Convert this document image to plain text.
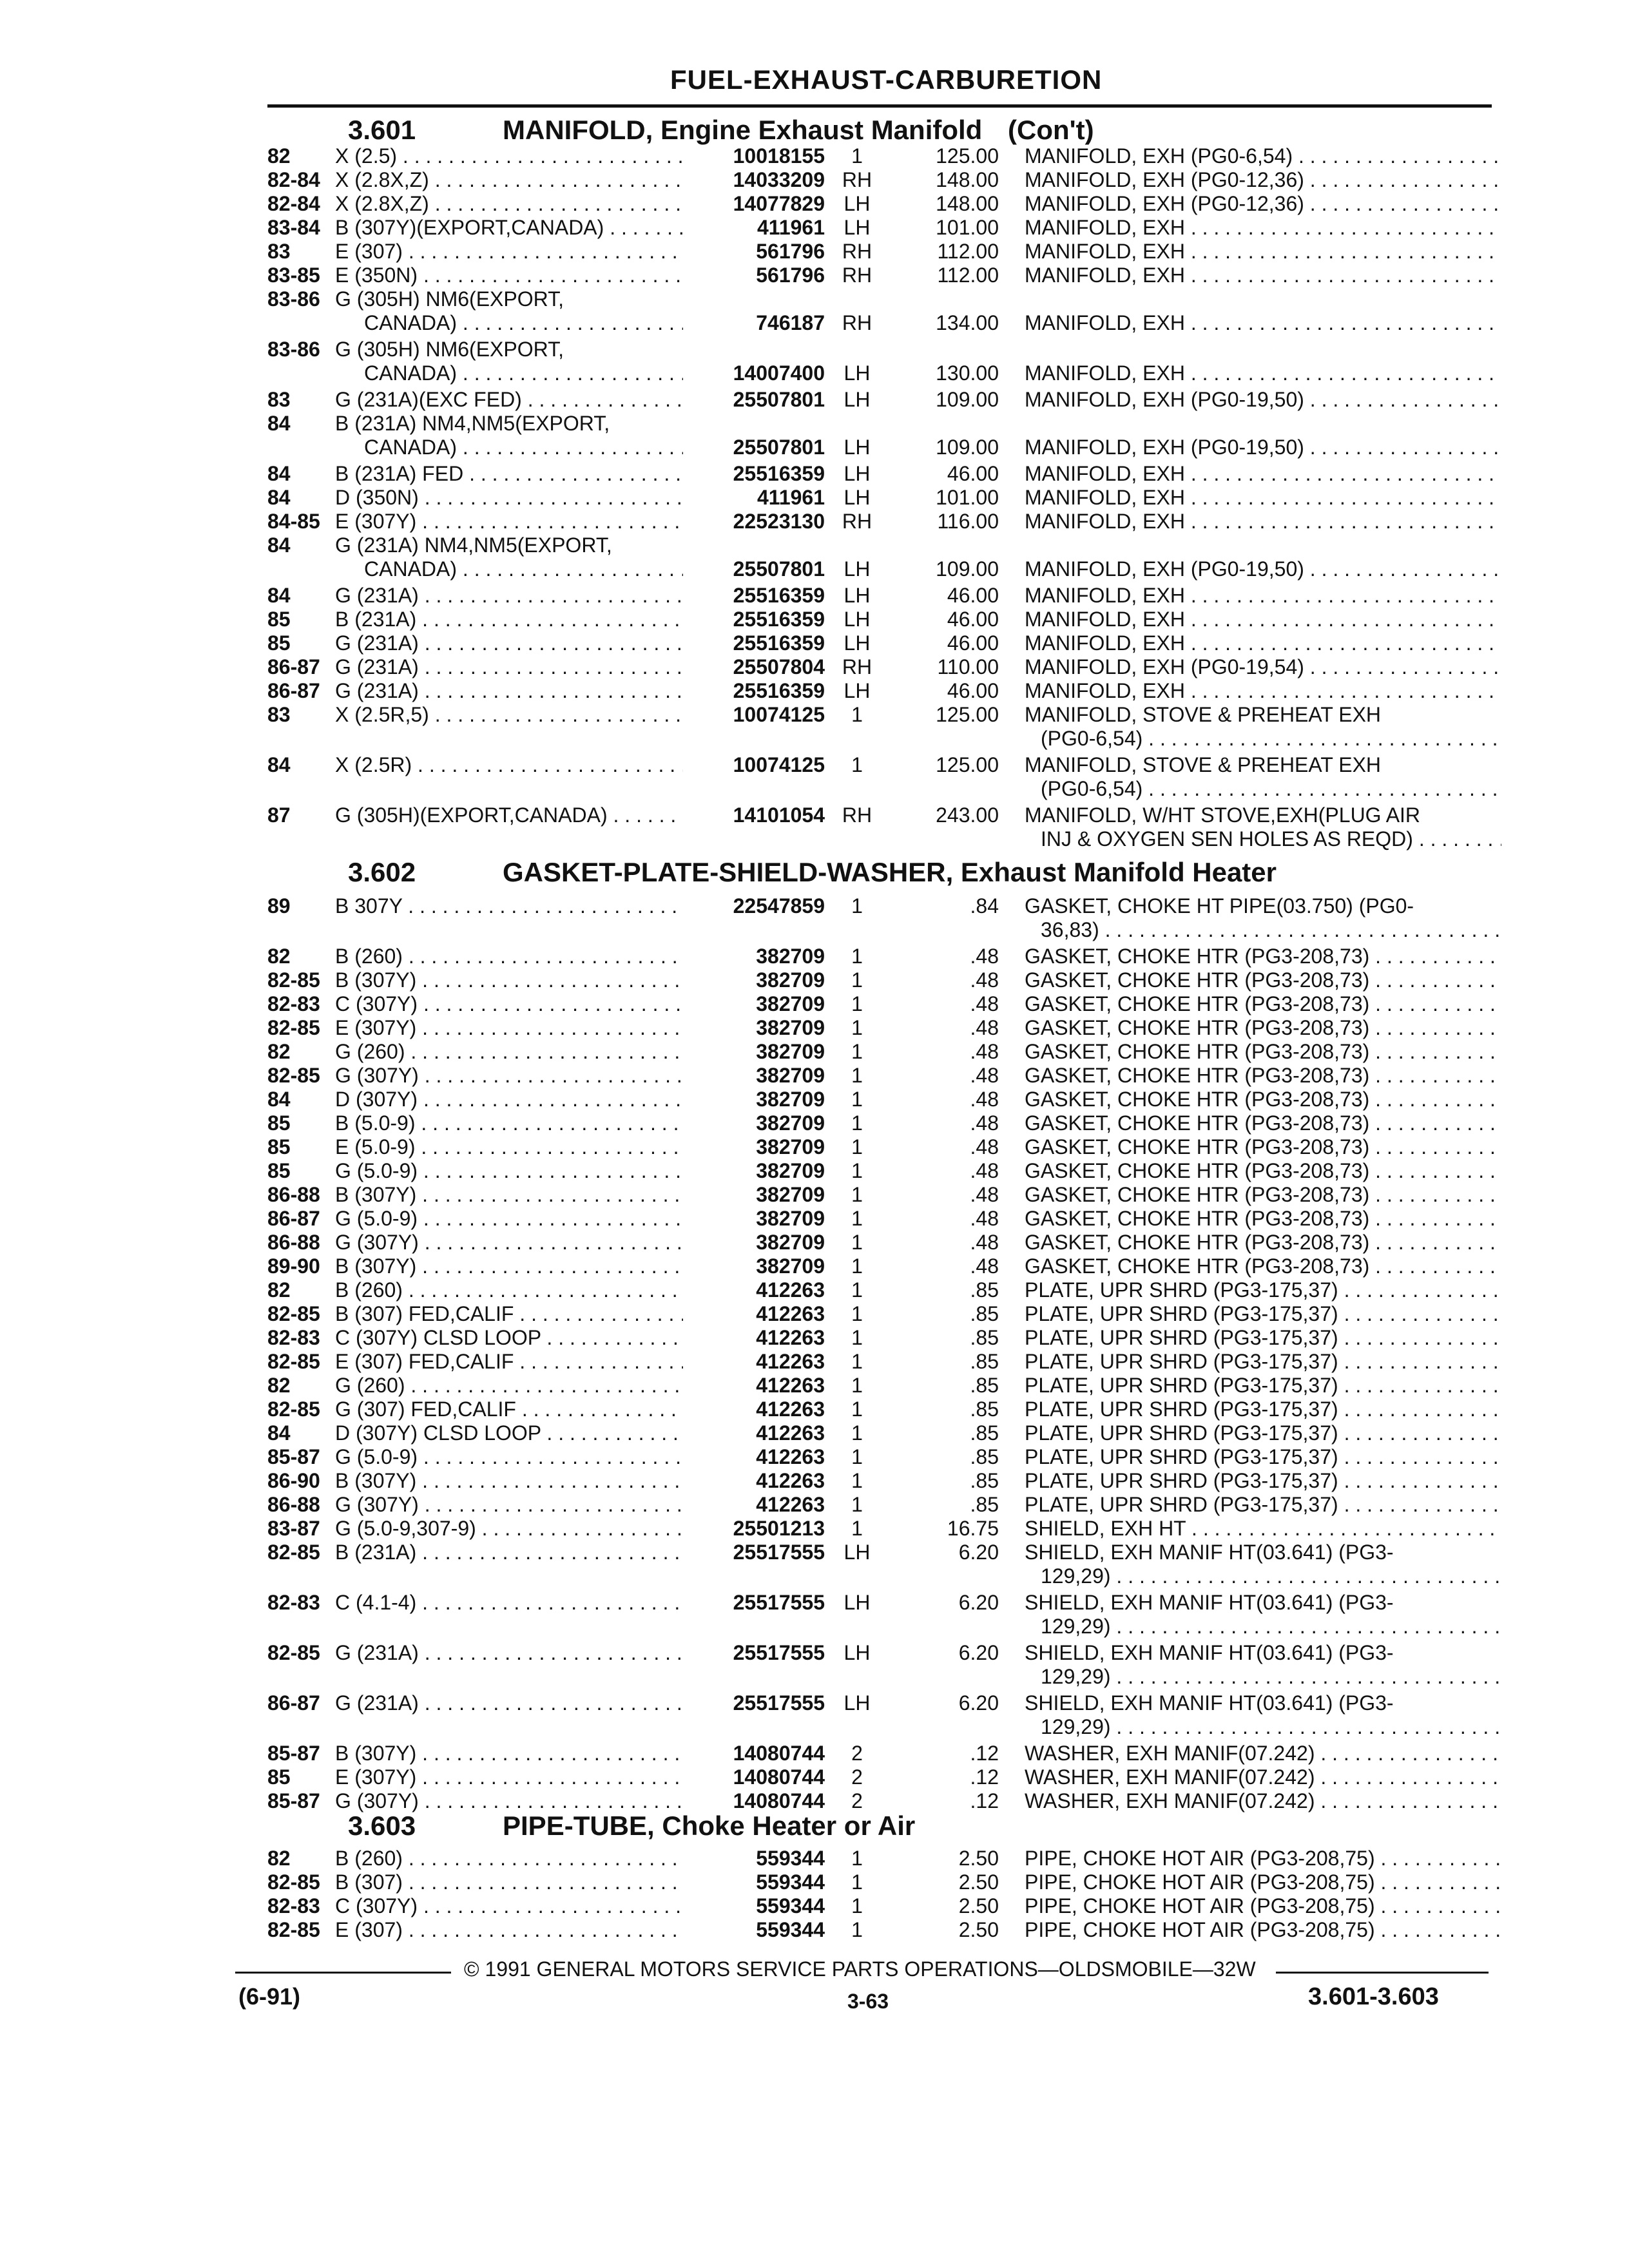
FUEL-EXHAUST-CARBURETION
3.601	MANIFOLD, Engine Exhaust Manifold (Con't)
82 X (2.5) . . .	10018155	1	125.00 MANIFOLD, EXH (PG0-6,54) . . .
82-84 X (2.8X,Z) . . .	14033209 RH	148.00 MANIFOLD, EXH (PG0-12,36) . . .
82-84 X (2.8X,Z) . . .	14077829 LH	148.00 MANIFOLD, EXH (PG0-12,36) . . .
83-84 B (307Y)(EXPORT,CANADA) . . .	411961 LH	101.00 MANIFOLD, EXH . . .
83 E (307) . . .	561796 RH	112.00 MANIFOLD, EXH . . .
83-85 E (350N) . . .	561796 RH	112.00 MANIFOLD, EXH . . .
83-86 G (305H) NM6(EXPORT,
CANADA) . . .	746187 RH	134.00 MANIFOLD, EXH . . .
83-86 G (305H) NM6(EXPORT,
CANADA) . . .	14007400 LH	130.00 MANIFOLD, EXH . . .
83 G (231A)(EXC FED) . . .	25507801 LH	109.00 MANIFOLD, EXH (PG0-19,50) . . .
84 B (231A) NM4,NM5(EXPORT,
CANADA) . . .	25507801 LH	109.00 MANIFOLD, EXH (PG0-19,50) . . .
84 B (231A) FED . . .	25516359 LH	46.00 MANIFOLD, EXH . . .
84 D (350N) . . .	411961 LH	101.00 MANIFOLD, EXH . . .
84-85 E (307Y) . . .	22523130 RH	116.00 MANIFOLD, EXH . . .
84 G (231A) NM4,NM5(EXPORT,
CANADA) . . .	25507801 LH	109.00 MANIFOLD, EXH (PG0-19,50) . . .
84 G (231A) . . .	25516359 LH	46.00 MANIFOLD, EXH . . .
85 B (231A) . . .	25516359 LH	46.00 MANIFOLD, EXH . . .
85 G (231A) . . .	25516359 LH	46.00 MANIFOLD, EXH . . .
86-87 G (231A) . . .	25507804 RH	110.00 MANIFOLD, EXH (PG0-19,54) . . .
86-87 G (231A) . . .	25516359 LH	46.00 MANIFOLD, EXH . . .
83 X (2.5R,5) . . .	10074125	1	125.00 MANIFOLD, STOVE & PREHEAT EXH
(PG0-6,54) . . .
84 X (2.5R) . . .	10074125	1	125.00 MANIFOLD, STOVE & PREHEAT EXH
(PG0-6,54) . . .
87 G (305H)(EXPORT,CANADA) . . .	14101054 RH	243.00 MANIFOLD, W/HT STOVE,EXH(PLUG AIR
INJ & OXYGEN SEN HOLES AS REQD) . . .
3.602	GASKET-PLATE-SHIELD-WASHER, Exhaust Manifold Heater
89 B 307Y . . .	22547859	1	.84 GASKET, CHOKE HT PIPE(03.750) (PG0-
36,83) . . .
82 B (260) . . .	382709	1	.48 GASKET, CHOKE HTR (PG3-208,73) . . .
82-85 B (307Y) . . .	382709	1	.48 GASKET, CHOKE HTR (PG3-208,73) . . .
82-83 C (307Y) . . .	382709	1	.48 GASKET, CHOKE HTR (PG3-208,73) . . .
82-85 E (307Y) . . .	382709	1	.48 GASKET, CHOKE HTR (PG3-208,73) . . .
82 G (260) . . .	382709	1	.48 GASKET, CHOKE HTR (PG3-208,73) . . .
82-85 G (307Y) . . .	382709	1	.48 GASKET, CHOKE HTR (PG3-208,73) . . .
84 D (307Y) . . .	382709	1	.48 GASKET, CHOKE HTR (PG3-208,73) . . .
85 B (5.0-9) . . .	382709	1	.48 GASKET, CHOKE HTR (PG3-208,73) . . .
85 E (5.0-9) . . .	382709	1	.48 GASKET, CHOKE HTR (PG3-208,73) . . .
85 G (5.0-9) . . .	382709	1	.48 GASKET, CHOKE HTR (PG3-208,73) . . .
86-88 B (307Y) . . .	382709	1	.48 GASKET, CHOKE HTR (PG3-208,73) . . .
86-87 G (5.0-9) . . .	382709	1	.48 GASKET, CHOKE HTR (PG3-208,73) . . .
86-88 G (307Y) . . .	382709	1	.48 GASKET, CHOKE HTR (PG3-208,73) . . .
89-90 B (307Y) . . .	382709	1	.48 GASKET, CHOKE HTR (PG3-208,73) . . .
82 B (260) . . .	412263	1	.85 PLATE, UPR SHRD (PG3-175,37) . . .
82-85 B (307) FED,CALIF . . .	412263	1	.85 PLATE, UPR SHRD (PG3-175,37) . . .
82-83 C (307Y) CLSD LOOP . . .	412263	1	.85 PLATE, UPR SHRD (PG3-175,37) . . .
82-85 E (307) FED,CALIF . . .	412263	1	.85 PLATE, UPR SHRD (PG3-175,37) . . .
82 G (260) . . .	412263	1	.85 PLATE, UPR SHRD (PG3-175,37) . . .
82-85 G (307) FED,CALIF . . .	412263	1	.85 PLATE, UPR SHRD (PG3-175,37) . . .
84 D (307Y) CLSD LOOP . . .	412263	1	.85 PLATE, UPR SHRD (PG3-175,37) . . .
85-87 G (5.0-9) . . .	412263	1	.85 PLATE, UPR SHRD (PG3-175,37) . . .
86-90 B (307Y) . . .	412263	1	.85 PLATE, UPR SHRD (PG3-175,37) . . .
86-88 G (307Y) . . .	412263	1	.85 PLATE, UPR SHRD (PG3-175,37) . . .
83-87 G (5.0-9,307-9) . . .	25501213	1	16.75 SHIELD, EXH HT . . .
82-85 B (231A) . . .	25517555 LH	6.20 SHIELD, EXH MANIF HT(03.641) (PG3-
129,29) . . .
82-83 C (4.1-4) . . .	25517555 LH	6.20 SHIELD, EXH MANIF HT(03.641) (PG3-
129,29) . . .
82-85 G (231A) . . .	25517555 LH	6.20 SHIELD, EXH MANIF HT(03.641) (PG3-
129,29) . . .
86-87 G (231A) . . .	25517555 LH	6.20 SHIELD, EXH MANIF HT(03.641) (PG3-
129,29) . . .
85-87 B (307Y) . . .	14080744	2	.12 WASHER, EXH MANIF(07.242) . . .
85 E (307Y) . . .	14080744	2	.12 WASHER, EXH MANIF(07.242) . . .
85-87 G (307Y) . . .	14080744	2	.12 WASHER, EXH MANIF(07.242) . . .
3.603	PIPE-TUBE, Choke Heater or Air
82 B (260) . . .	559344	1	2.50 PIPE, CHOKE HOT AIR (PG3-208,75) . . .
82-85 B (307) . . .	559344	1	2.50 PIPE, CHOKE HOT AIR (PG3-208,75) . . .
82-83 C (307Y) . . .	559344	1	2.50 PIPE, CHOKE HOT AIR (PG3-208,75) . . .
82-85 E (307) . . .	559344	1	2.50 PIPE, CHOKE HOT AIR (PG3-208,75) . . .
© 1991 GENERAL MOTORS SERVICE PARTS OPERATIONS—OLDSMOBILE—32W
(6-91)	3-63	3.601-3.603
